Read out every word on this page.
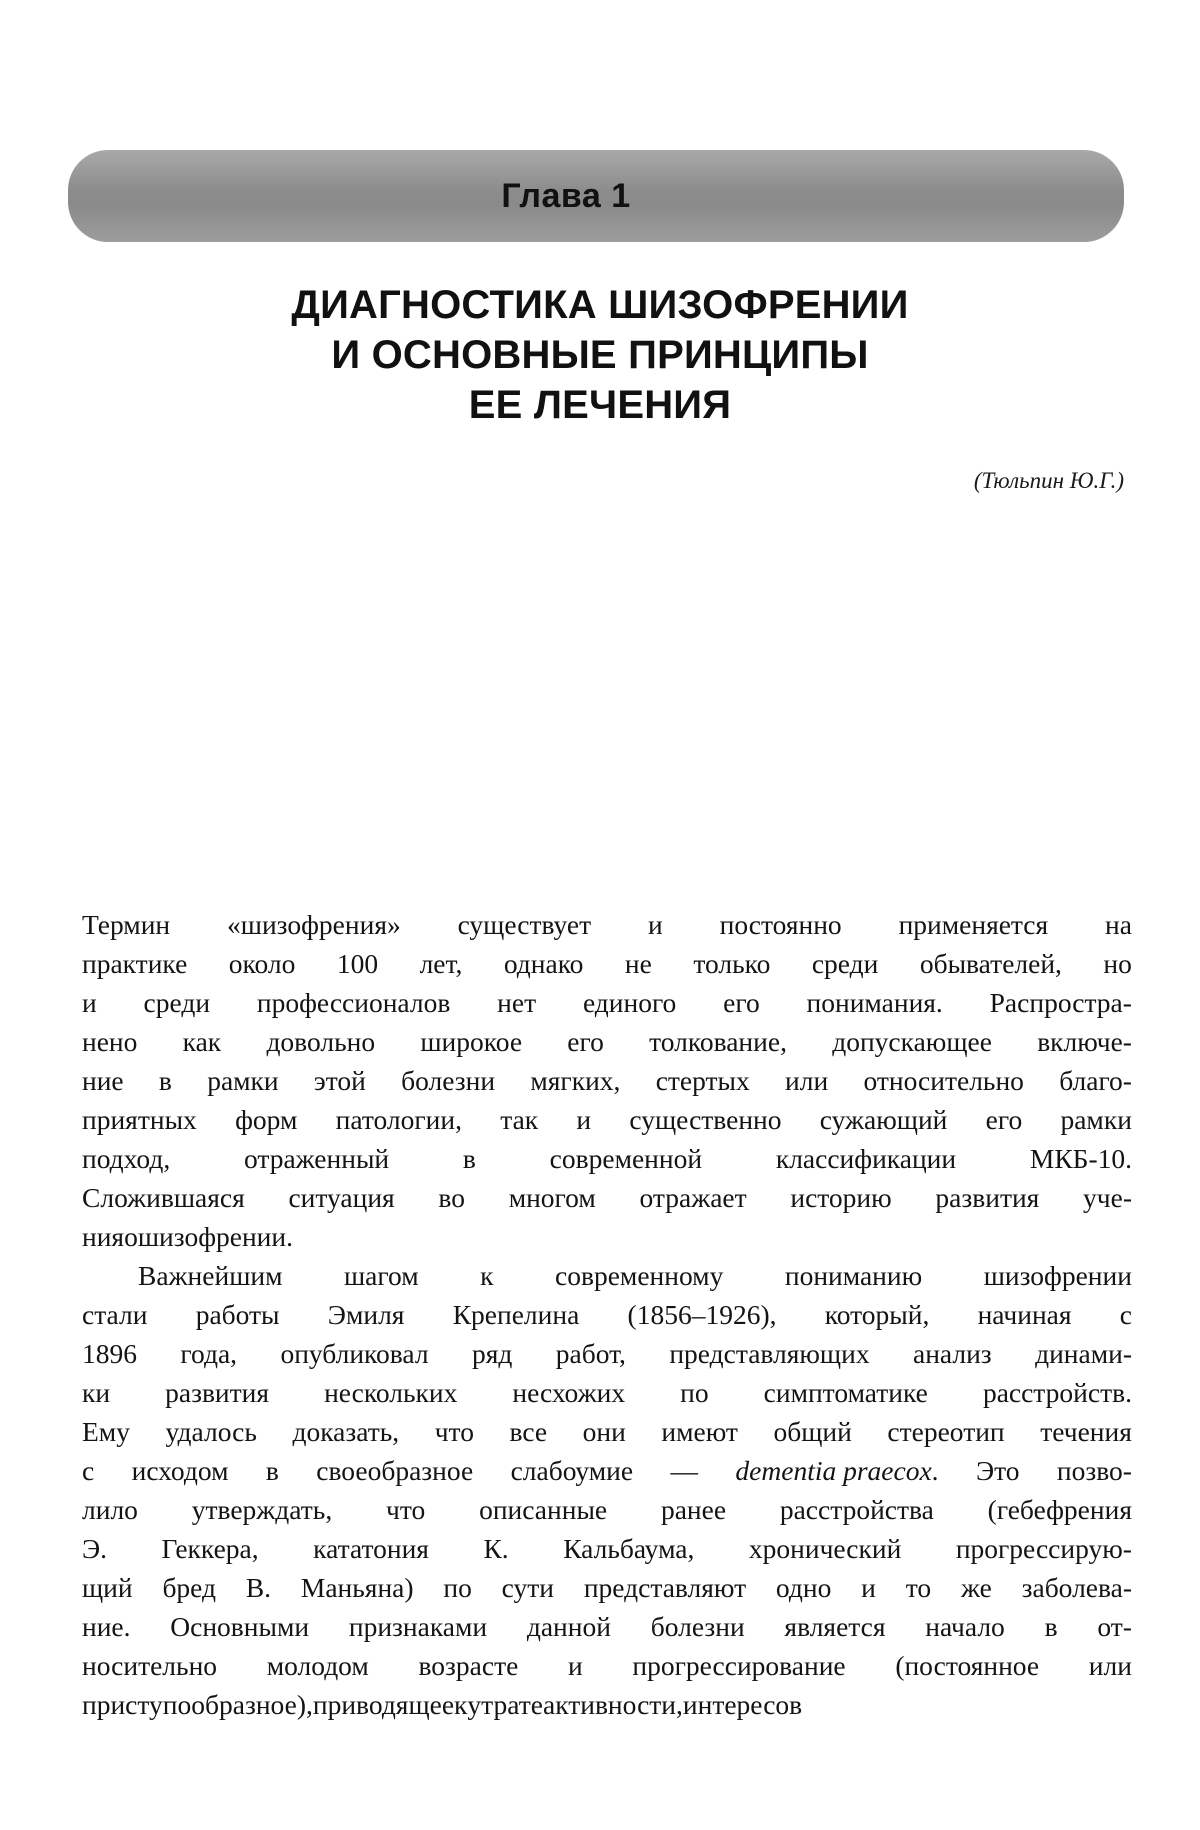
Глава 1
ДИАГНОСТИКА ШИЗОФРЕНИИ
И ОСНОВНЫЕ ПРИНЦИПЫ
ЕЕ ЛЕЧЕНИЯ
(Тюльпин Ю.Г.)
Термин «шизофрения» существует и постоянно применяется на
практике около 100 лет, однако не только среди обывателей, но
и среди профессионалов нет единого его понимания. Распростра-
нено как довольно широкое его толкование, допускающее включе-
ние в рамки этой болезни мягких, стертых или относительно благо-
приятных форм патологии, так и существенно сужающий его рамки
подход,	отраженный	в	современной	классификации	МКБ-10.
Сложившаяся ситуация во многом отражает историю развития уче-
ния о шизофрении.
Важнейшим шагом к современному пониманию шизофрении
стали работы Эмиля Крепелина (1856–1926), который, начиная с
1896 года, опубликовал ряд работ, представляющих анализ динами-
ки развития нескольких несхожих по симптоматике расстройств.
Ему удалось доказать, что все они имеют общий стереотип течения
с исходом в своеобразное слабоумие — dementia praecox. Это позво-
лило утверждать, что описанные ранее расстройства (гебефрения
Э. Геккера, кататония К. Кальбаума, хронический прогрессирую-
щий бред В. Маньяна) по сути представляют одно и то же заболева-
ние. Основными признаками данной болезни является начало в от-
носительно молодом возрасте и прогрессирование (постоянное или
приступообразное), приводящее к утрате активности, интересов
